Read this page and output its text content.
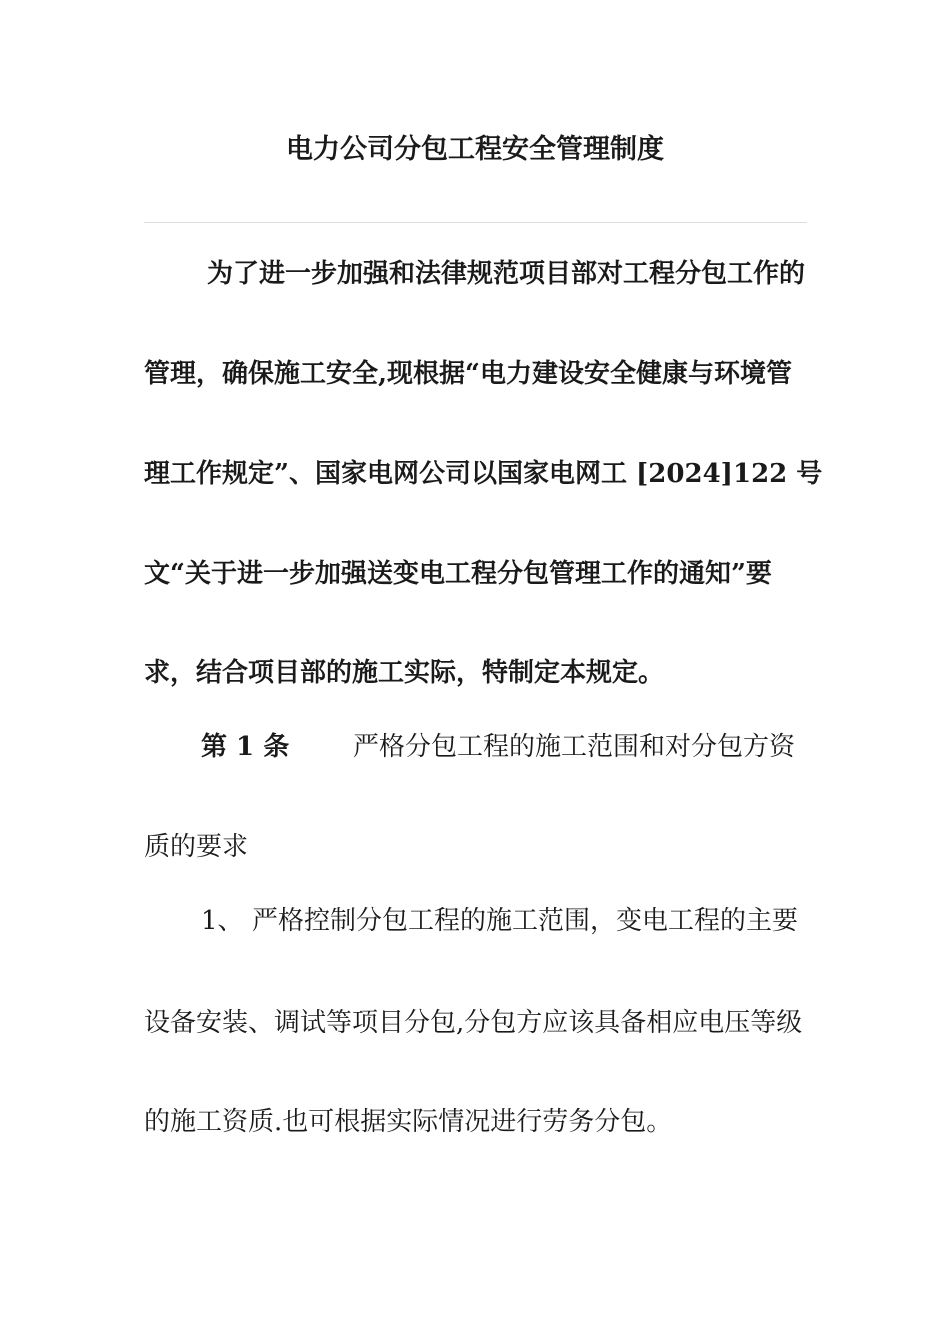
电力公司分包工程安全管理制度
为了进一步加强和法律规范项目部对工程分包工作的
管理，确保施工安全,现根据“电力建设安全健康与环境管
理工作规定”、国家电网公司以国家电网工 [2024]122 号
文“关于进一步加强送变电工程分包管理工作的通知”要
求，结合项目部的施工实际，特制定本规定。
第 1 条 严格分包工程的施工范围和对分包方资
质的要求
1、 严格控制分包工程的施工范围，变电工程的主要
设备安装、调试等项目分包,分包方应该具备相应电压等级
的施工资质.也可根据实际情况进行劳务分包。
